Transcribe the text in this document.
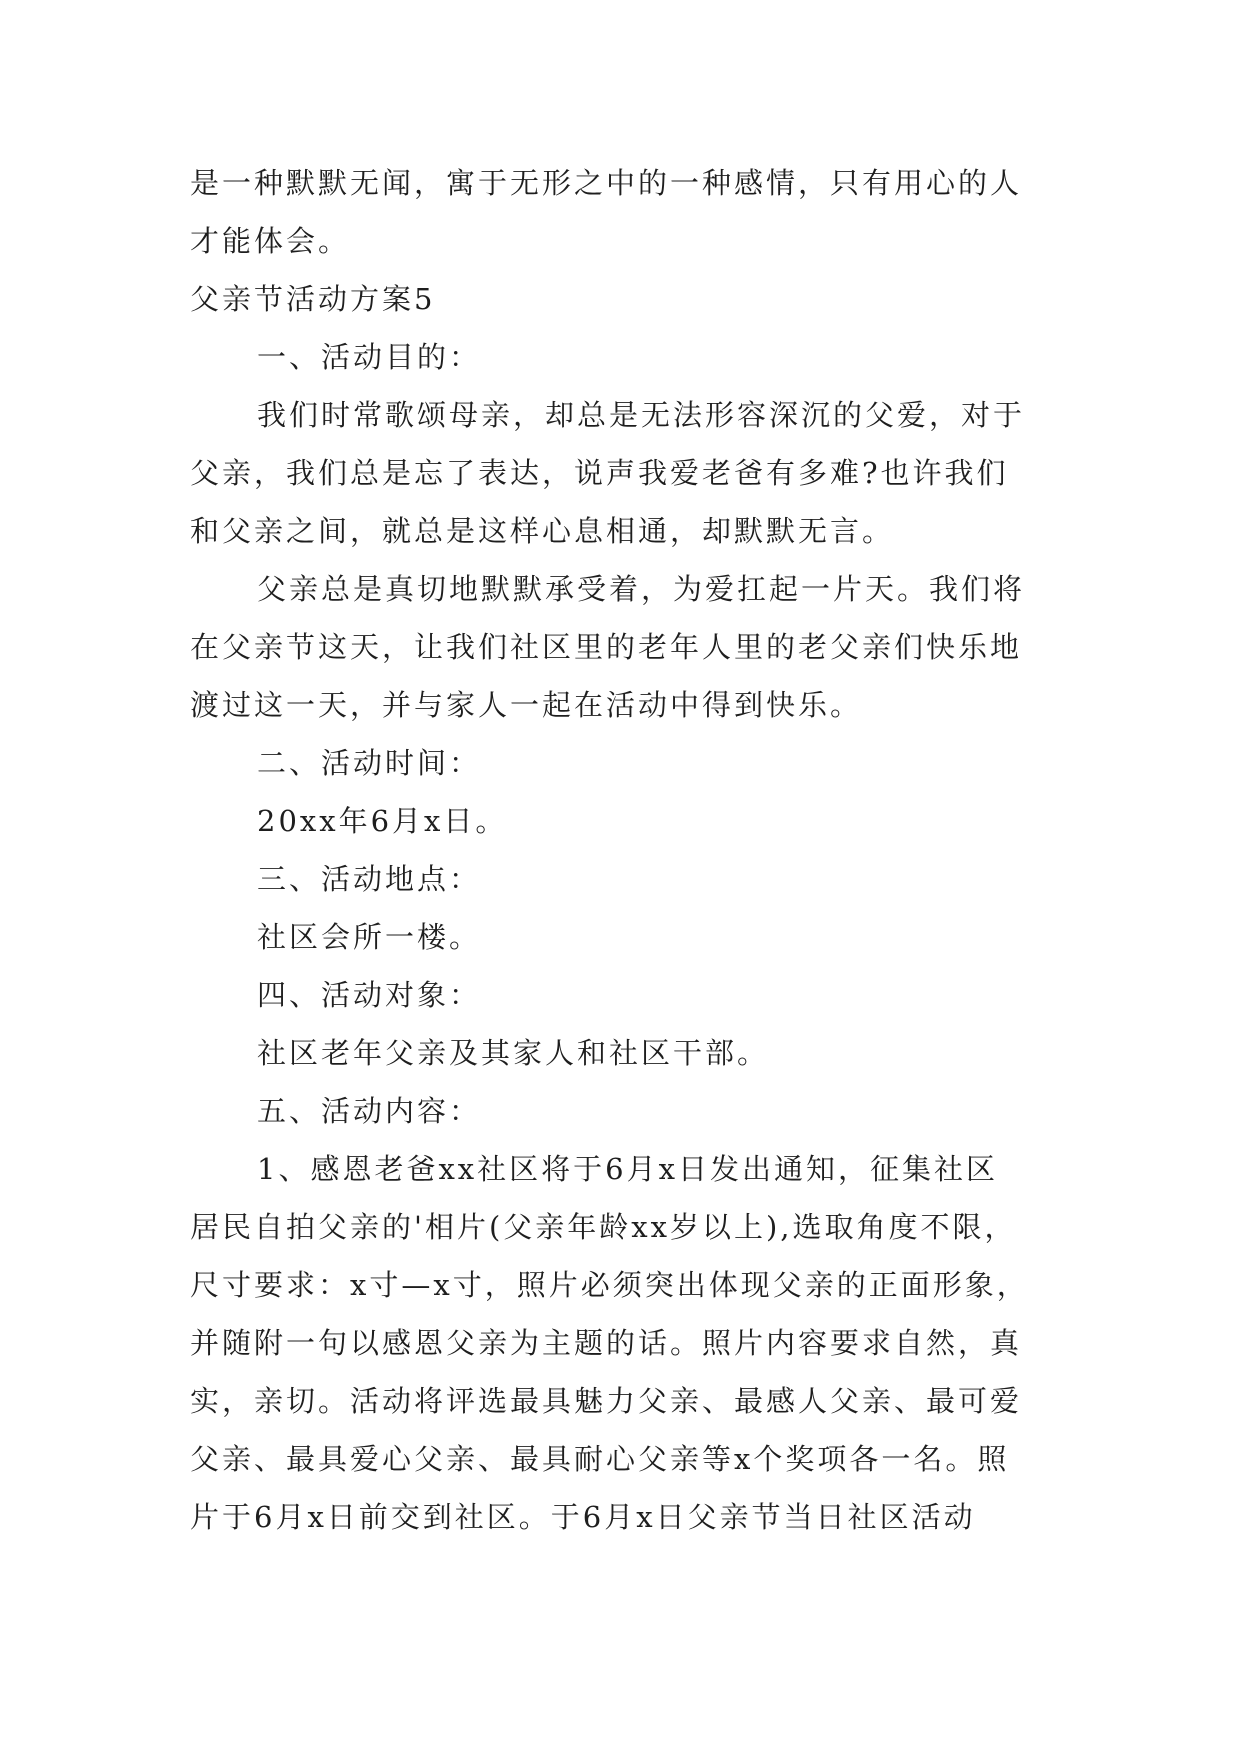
是一种默默无闻，寓于无形之中的一种感情，只有用心的人
才能体会。
父亲节活动方案5
一、活动目的：
我们时常歌颂母亲，却总是无法形容深沉的父爱，对于
父亲，我们总是忘了表达，说声我爱老爸有多难?也许我们
和父亲之间，就总是这样心息相通，却默默无言。
父亲总是真切地默默承受着，为爱扛起一片天。我们将
在父亲节这天，让我们社区里的老年人里的老父亲们快乐地
渡过这一天，并与家人一起在活动中得到快乐。
二、活动时间：
20xx年6月x日。
三、活动地点：
社区会所一楼。
四、活动对象：
社区老年父亲及其家人和社区干部。
五、活动内容：
1、感恩老爸xx社区将于6月x日发出通知，征集社区
居民自拍父亲的'相片(父亲年龄xx岁以上),选取角度不限，
尺寸要求：x寸—x寸，照片必须突出体现父亲的正面形象，
并随附一句以感恩父亲为主题的话。照片内容要求自然，真
实，亲切。活动将评选最具魅力父亲、最感人父亲、最可爱
父亲、最具爱心父亲、最具耐心父亲等x个奖项各一名。照
片于6月x日前交到社区。于6月x日父亲节当日社区活动
